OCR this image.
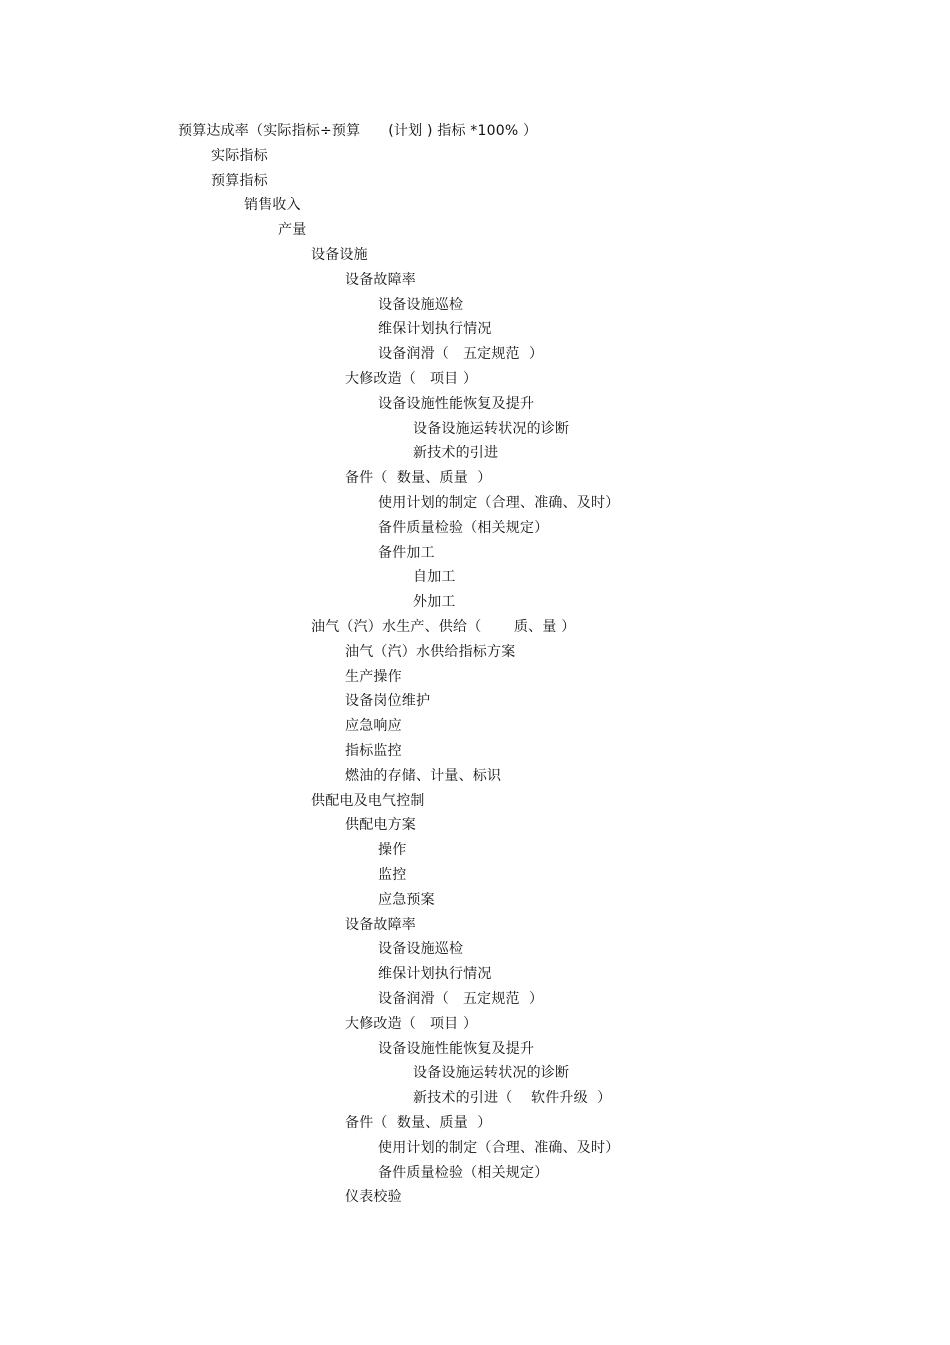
预算达成率（实际指标÷预算      (计划 ) 指标 *100% ）
实际指标
预算指标
销售收入
产量
设备设施
设备故障率
设备设施巡检
维保计划执行情况
设备润滑（   五定规范  ）
大修改造（   项目 ）
设备设施性能恢复及提升
设备设施运转状况的诊断
新技术的引进
备件（  数量、质量  ）
使用计划的制定（合理、准确、及时）
备件质量检验（相关规定）
备件加工
自加工
外加工
油气（汽）水生产、供给（       质、量 ）
油气（汽）水供给指标方案
生产操作
设备岗位维护
应急响应
指标监控
燃油的存储、计量、标识
供配电及电气控制
供配电方案
操作
监控
应急预案
设备故障率
设备设施巡检
维保计划执行情况
设备润滑（   五定规范  ）
大修改造（   项目 ）
设备设施性能恢复及提升
设备设施运转状况的诊断
新技术的引进（    软件升级  ）
备件（  数量、质量  ）
使用计划的制定（合理、准确、及时）
备件质量检验（相关规定）
仪表校验
